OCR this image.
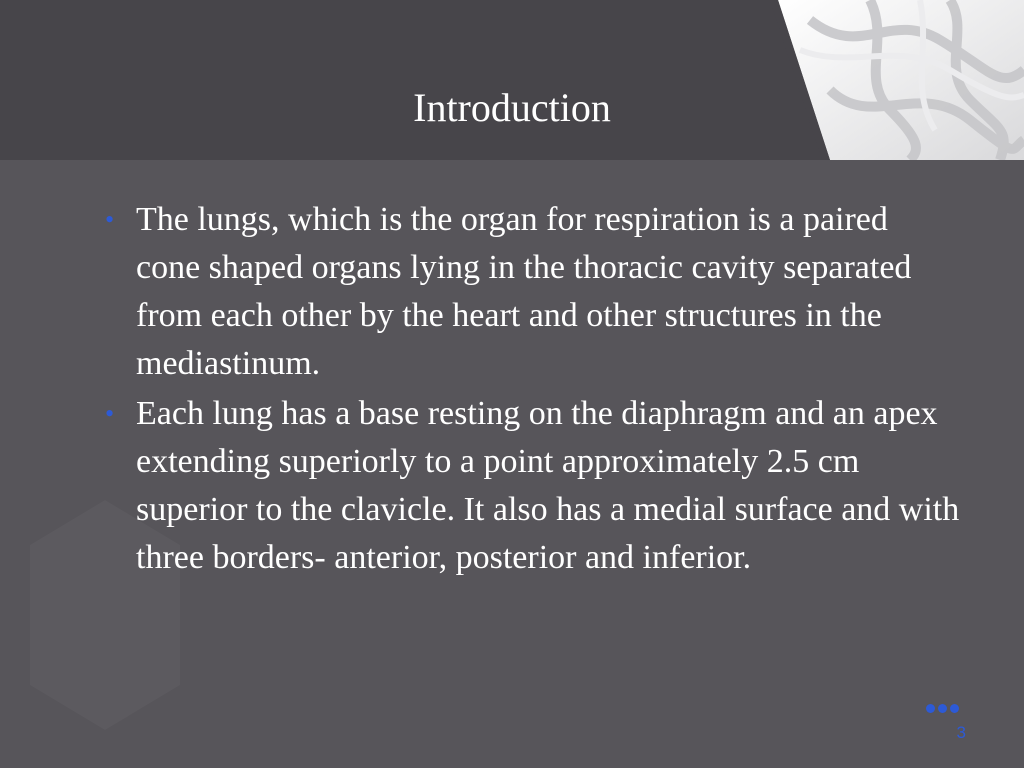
Introduction
• The lungs, which is the organ for respiration is a paired cone shaped organs lying in the thoracic cavity separated from each other by the heart and other structures in the mediastinum.
• Each lung has a base resting on the diaphragm and an apex extending superiorly to a point approximately 2.5 cm superior to the clavicle. It also has a medial surface and with three borders- anterior, posterior and inferior.
3
